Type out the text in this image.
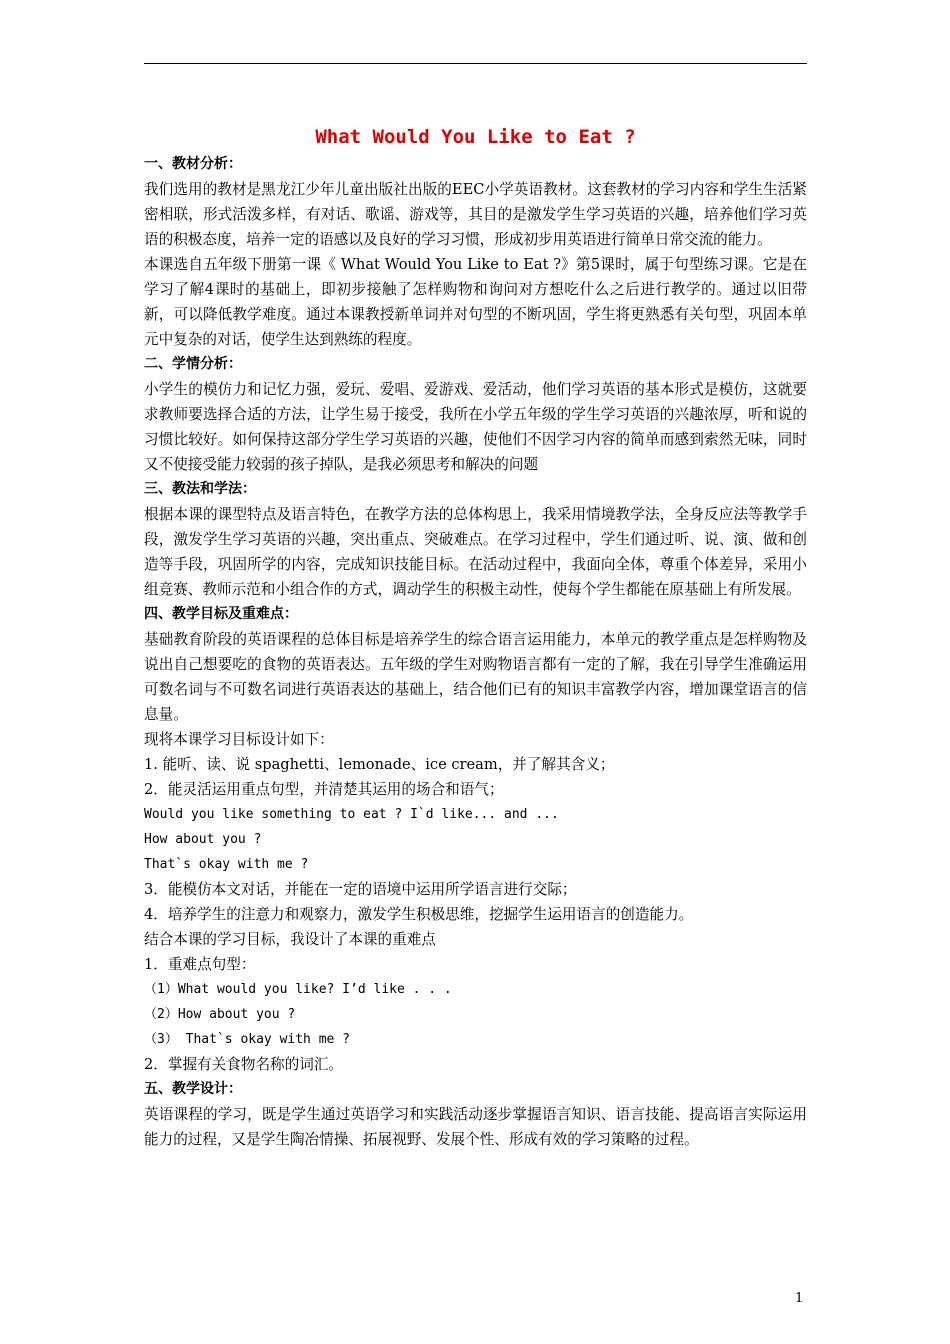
What Would You Like to Eat ?
一、教材分析：

我们选用的教材是黑龙江少年儿童出版社出版的EEC小学英语教材。这套教材的学习内容和学生生活紧密相联，形式活泼多样，有对话、歌谣、游戏等，其目的是激发学生学习英语的兴趣，培养他们学习英语的积极态度，培养一定的语感以及良好的学习习惯，形成初步用英语进行简单日常交流的能力。

本课选自五年级下册第一课《 What Would You Like to Eat ?》第5课时，属于句型练习课。它是在学习了解4课时的基础上，即初步接触了怎样购物和询问对方想吃什么之后进行教学的。通过以旧带新，可以降低教学难度。通过本课教授新单词并对句型的不断巩固，学生将更熟悉有关句型，巩固本单元中复杂的对话，使学生达到熟练的程度。

二、学情分析：

小学生的模仿力和记忆力强，爱玩、爱唱、爱游戏、爱活动，他们学习英语的基本形式是模仿，这就要求教师要选择合适的方法，让学生易于接受，我所在小学五年级的学生学习英语的兴趣浓厚，听和说的习惯比较好。如何保持这部分学生学习英语的兴趣，使他们不因学习内容的简单而感到索然无味，同时又不使接受能力较弱的孩子掉队，是我必须思考和解决的问题

三、教法和学法：

根据本课的课型特点及语言特色，在教学方法的总体构思上，我采用情境教学法，全身反应法等教学手段，激发学生学习英语的兴趣，突出重点、突破难点。在学习过程中，学生们通过听、说、演、做和创造等手段，巩固所学的内容，完成知识技能目标。在活动过程中，我面向全体，尊重个体差异，采用小组竞赛、教师示范和小组合作的方式，调动学生的积极主动性，使每个学生都能在原基础上有所发展。

四、教学目标及重难点：

基础教育阶段的英语课程的总体目标是培养学生的综合语言运用能力，本单元的教学重点是怎样购物及说出自己想要吃的食物的英语表达。五年级的学生对购物语言都有一定的了解，我在引导学生准确运用可数名词与不可数名词进行英语表达的基础上，结合他们已有的知识丰富教学内容，增加课堂语言的信息量。

现将本课学习目标设计如下：

1. 能听、读、说 spaghetti、lemonade、ice cream，并了解其含义；

2．能灵活运用重点句型，并清楚其运用的场合和语气；

Would you like something to eat ? I`d like... and ...

How about you ?

That`s okay with me ?

3．能模仿本文对话，并能在一定的语境中运用所学语言进行交际；

4．培养学生的注意力和观察力，激发学生积极思维，挖掘学生运用语言的创造能力。

结合本课的学习目标，我设计了本课的重难点

1．重难点句型：

（1）What would you like? I’d like . . .

（2）How about you ?

（3） That`s okay with me ?

2．掌握有关食物名称的词汇。

五、教学设计：

英语课程的学习，既是学生通过英语学习和实践活动逐步掌握语言知识、语言技能、提高语言实际运用能力的过程，又是学生陶冶情操、拓展视野、发展个性、形成有效的学习策略的过程。

1
